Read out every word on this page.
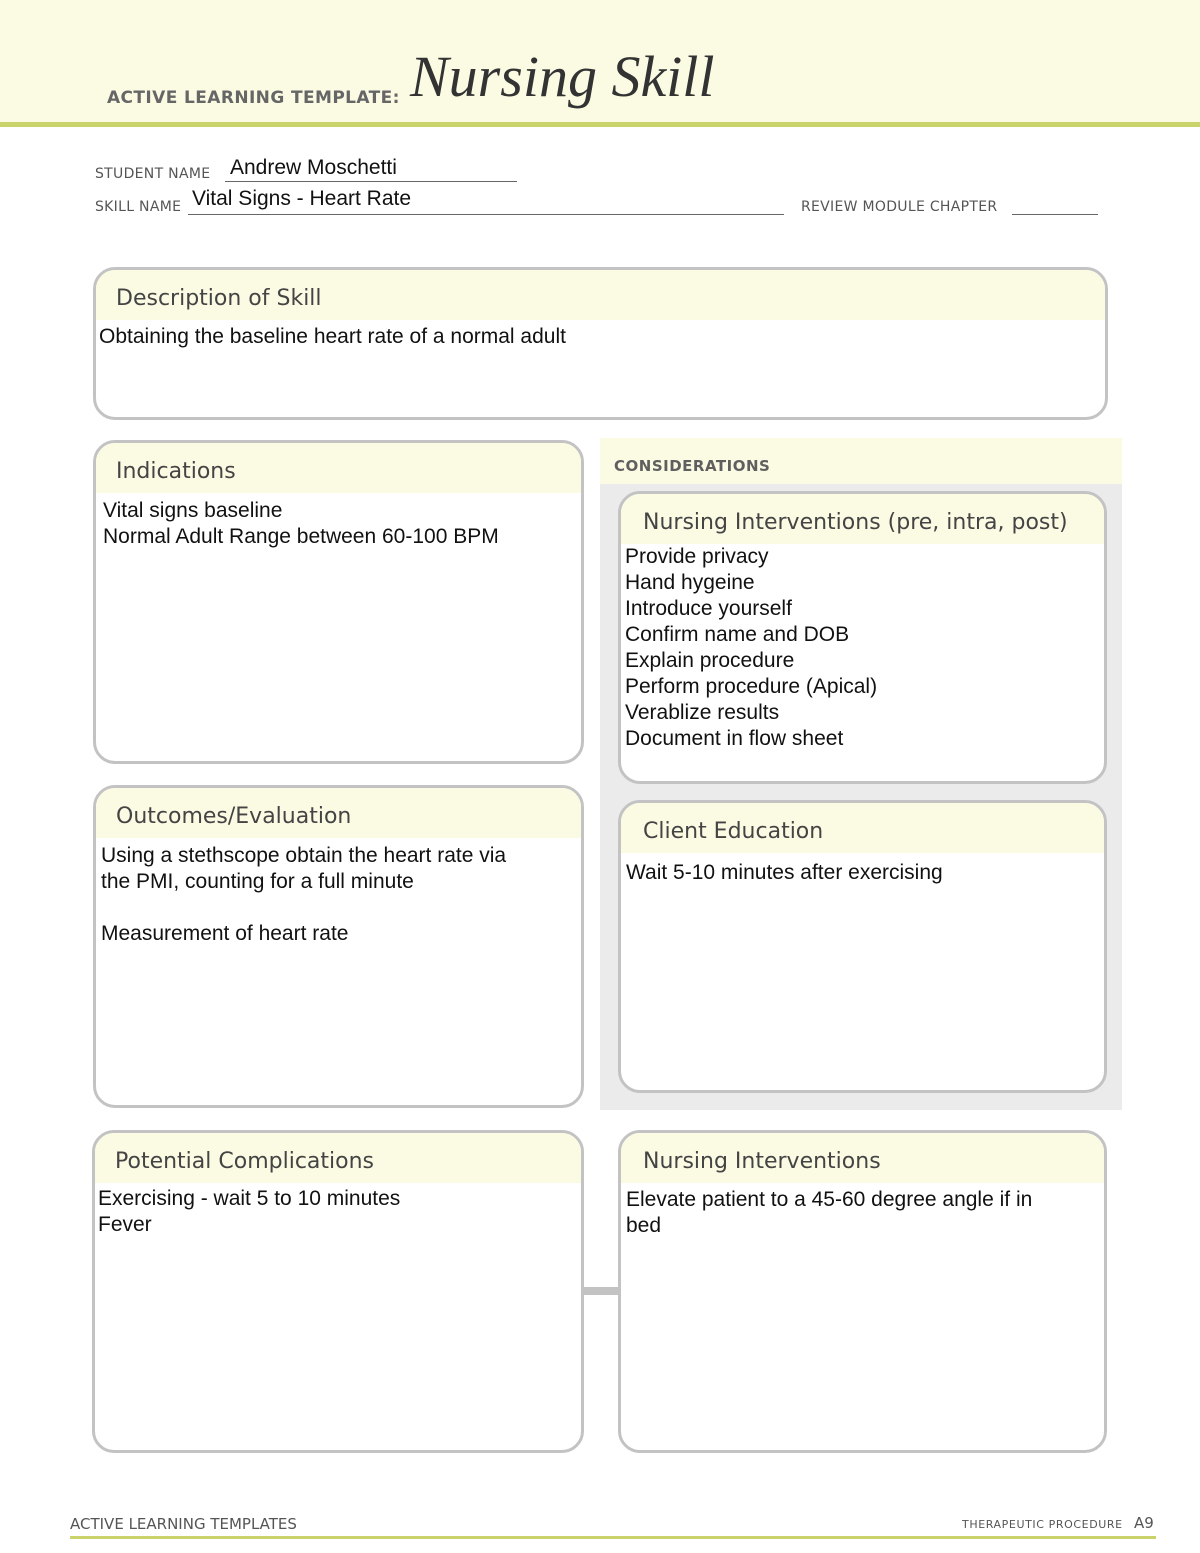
ACTIVE LEARNING TEMPLATE: Nursing Skill
STUDENT NAME Andrew Moschetti
SKILL NAME Vital Signs - Heart Rate	REVIEW MODULE CHAPTER
Description of Skill
Obtaining the baseline heart rate of a normal adult
Indications
Vital signs baseline
Normal Adult Range between 60-100 BPM
Outcomes/Evaluation
Using a stethscope obtain the heart rate via
the PMI, counting for a full minute

Measurement of heart rate
CONSIDERATIONS
Nursing Interventions (pre, intra, post)
Provide privacy
Hand hygeine
Introduce yourself
Confirm name and DOB
Explain procedure
Perform procedure (Apical)
Verablize results
Document in flow sheet
Client Education
Wait 5-10 minutes after exercising
Potential Complications
Exercising - wait 5 to 10 minutes
Fever
Nursing Interventions
Elevate patient to a 45-60 degree angle if in
bed
ACTIVE LEARNING TEMPLATES	THERAPEUTIC PROCEDURE A9
